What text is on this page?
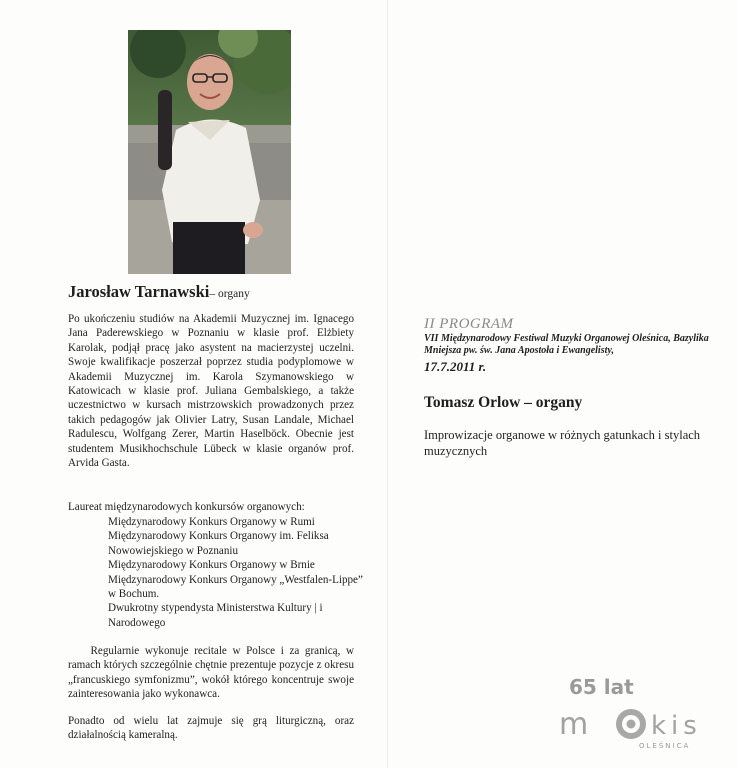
Jarosław Tarnawski– organy
Po ukończeniu studiów na Akademii Muzycznej im. Ignacego Jana Paderewskiego w Poznaniu w klasie prof. Elżbiety Karolak, podjął pracę jako asystent na macierzystej uczelni. Swoje kwalifikacje poszerzał poprzez studia podyplomowe w Akademii Muzycznej im. Karola Szymanowskiego w Katowicach w klasie prof. Juliana Gembalskiego, a także uczestnictwo w kursach mistrzowskich prowadzonych przez takich pedagogów jak Olivier Latry, Susan Landale, Michael Radulescu, Wolfgang Zerer, Martin Haselböck. Obecnie jest studentem Musikhochschule Lübeck w klasie organów prof. Arvida Gasta.
Laureat międzynarodowych konkursów organowych:
Międzynarodowy Konkurs Organowy w Rumi
Międzynarodowy Konkurs Organowy im. Feliksa Nowowiejskiego w Poznaniu
Międzynarodowy Konkurs Organowy w Brnie
Międzynarodowy Konkurs Organowy „Westfalen-Lippe” w Bochum.
Dwukrotny stypendysta Ministerstwa Kultury | i Narodowego
Regularnie wykonuje recitale w Polsce i za granicą, w ramach których szczególnie chętnie prezentuje pozycje z okresu „francuskiego symfonizmu”, wokół którego koncentruje swoje zainteresowania jako wykonawca.
Ponadto od wielu lat zajmuje się grą liturgiczną, oraz działalnością kameralną.
II PROGRAM
VII Międzynarodowy Festiwal Muzyki Organowej Oleśnica, Bazylika Mniejsza pw. św. Jana Apostoła i Ewangelisty,
17.7.2011 r.
Tomasz Orlow – organy
Improwizacje organowe w różnych gatunkach i stylach muzycznych
65 lat
m kis
OLEŚNICA
